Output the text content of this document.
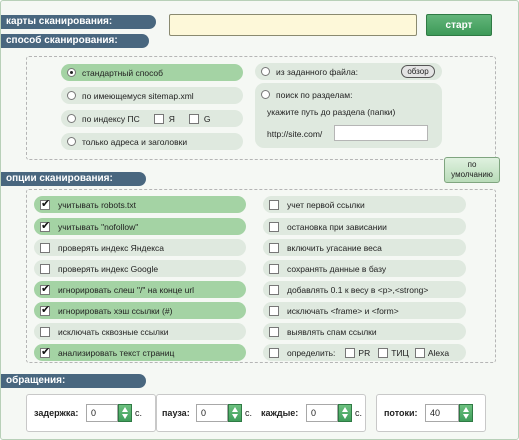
карты сканирования:
способ сканирования:
старт
стандартный способ
по имеющемуся sitemap.xml
по индексу ПС	Я	G
только адреса и заголовки
из заданного файла:	обзор
поиск по разделам:
укажите путь до раздела (папки)
http://site.com/
по
умолчанию
опции сканирования:
✔
учитывать robots.txt
✔
учитывать "nofollow"
проверять индекс Яндекса
проверять индекс Google
✔
игнорировать слеш "/" на конце url
✔
игнорировать хэш ссылки (#)
исключать сквозные ссылки
✔
анализировать текст страниц
учет первой ссылки
остановка при зависании
включить угасание веса
сохранять данные в базу
добавлять 0.1 к весу в <p>,<strong>
исключать <frame> и <form>
выявлять спам ссылки
определить:	PR ТИЦ Alexa
обращения:
задержка:	0	с. пауза:	0	с. каждые:	0	с. потоки:	40
